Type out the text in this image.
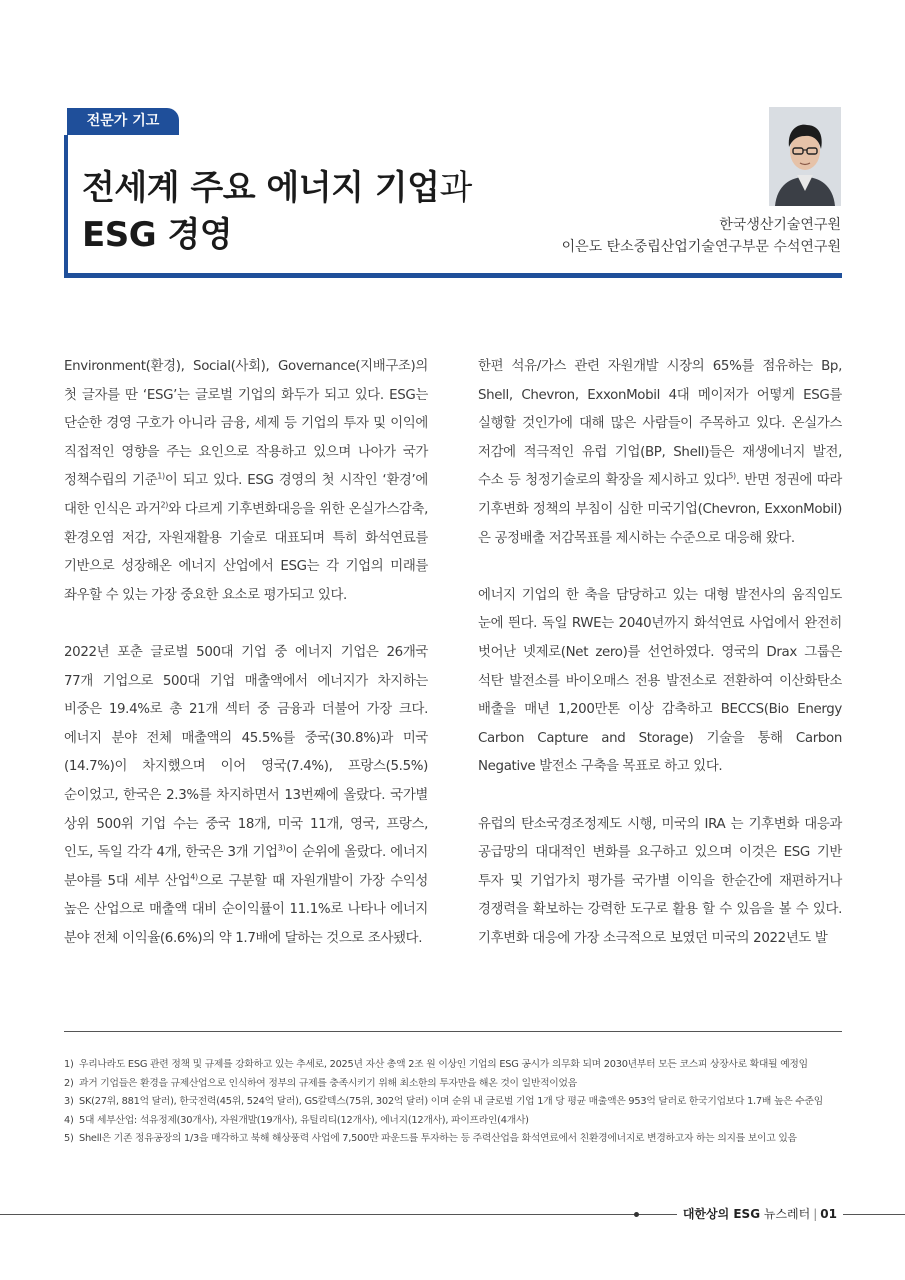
전문가 기고
전세계 주요 에너지 기업과
ESG 경영	한국생산기술연구원
이은도 탄소중립산업기술연구부문 수석연구원

Environment(환경), Social(사회), Governance(지배구조)의 첫 글자를 딴 ‘ESG’는 글로벌 기업의 화두가 되고 있다. ESG는 단순한 경영 구호가 아니라 금융, 세제 등 기업의 투자 및 이익에 직접적인 영향을 주는 요인으로 작용하고 있으며 나아가 국가 정책수립의 기준$^{1)}$이 되고 있다. ESG 경영의 첫 시작인 ‘환경’에 대한 인식은 과거$^{2)}$와 다르게 기후변화대응을 위한 온실가스감축, 환경오염 저감, 자원재활용 기술로 대표되며 특히 화석연료를 기반으로 성장해온 에너지 산업에서 ESG는 각 기업의 미래를 좌우할 수 있는 가장 중요한 요소로 평가되고 있다.

2022년 포춘 글로벌 500대 기업 중 에너지 기업은 26개국 77개 기업으로 500대 기업 매출액에서 에너지가 차지하는 비중은 19.4%로 총 21개 섹터 중 금융과 더불어 가장 크다. 에너지 분야 전체 매출액의 45.5%를 중국(30.8%)과 미국(14.7%)이 차지했으며 이어 영국(7.4%), 프랑스(5.5%) 순이었고, 한국은 2.3%를 차지하면서 13번째에 올랐다. 국가별 상위 500위 기업 수는 중국 18개, 미국 11개, 영국, 프랑스, 인도, 독일 각각 4개, 한국은 3개 기업$^{3)}$이 순위에 올랐다. 에너지 분야를 5대 세부 산업$^{4)}$으로 구분할 때 자원개발이 가장 수익성 높은 산업으로 매출액 대비 순이익률이 11.1%로 나타나 에너지 분야 전체 이익율(6.6%)의 약 1.7배에 달하는 것으로 조사됐다.

한편 석유/가스 관련 자원개발 시장의 65%를 점유하는 Bp, Shell, Chevron, ExxonMobil 4대 메이저가 어떻게 ESG를 실행할 것인가에 대해 많은 사람들이 주목하고 있다. 온실가스 저감에 적극적인 유럽 기업(BP, Shell)들은 재생에너지 발전, 수소 등 청정기술로의 확장을 제시하고 있다$^{5)}$. 반면 정권에 따라 기후변화 정책의 부침이 심한 미국기업(Chevron, ExxonMobil)은 공정배출 저감목표를 제시하는 수준으로 대응해 왔다.

에너지 기업의 한 축을 담당하고 있는 대형 발전사의 움직임도 눈에 띈다. 독일 RWE는 2040년까지 화석연료 사업에서 완전히 벗어난 넷제로(Net zero)를 선언하였다. 영국의 Drax 그룹은 석탄 발전소를 바이오매스 전용 발전소로 전환하여 이산화탄소 배출을 매년 1,200만톤 이상 감축하고 BECCS(Bio Energy Carbon Capture and Storage) 기술을 통해 Carbon Negative 발전소 구축을 목표로 하고 있다.

유럽의 탄소국경조정제도 시행, 미국의 IRA 는 기후변화 대응과 공급망의 대대적인 변화를 요구하고 있으며 이것은 ESG 기반 투자 및 기업가치 평가를 국가별 이익을 한순간에 재편하거나 경쟁력을 확보하는 강력한 도구로 활용 할 수 있음을 볼 수 있다. 기후변화 대응에 가장 소극적으로 보였던 미국의 2022년도 발

1) 우리나라도 ESG 관련 정책 및 규제를 강화하고 있는 추세로, 2025년 자산 총액 2조 원 이상인 기업의 ESG 공시가 의무화 되며 2030년부터 모든 코스피 상장사로 확대될 예정임
2) 과거 기업들은 환경을 규제산업으로 인식하여 정부의 규제를 충족시키기 위해 최소한의 투자만을 해온 것이 일반적이었음
3) SK(27위, 881억 달러), 한국전력(45위, 524억 달러), GS칼텍스(75위, 302억 달러) 이며 순위 내 글로벌 기업 1개 당 평균 매출액은 953억 달러로 한국기업보다 1.7배 높은 수준임
4) 5대 세부산업: 석유정제(30개사), 자원개발(19개사), 유틸리티(12개사), 에너지(12개사), 파이프라인(4개사)
5) Shell은 기존 정유공장의 1/3을 매각하고 북해 해상풍력 사업에 7,500만 파운드를 투자하는 등 주력산업을 화석연료에서 친환경에너지로 변경하고자 하는 의지를 보이고 있음
대한상의 ESG 뉴스레터 | 01
